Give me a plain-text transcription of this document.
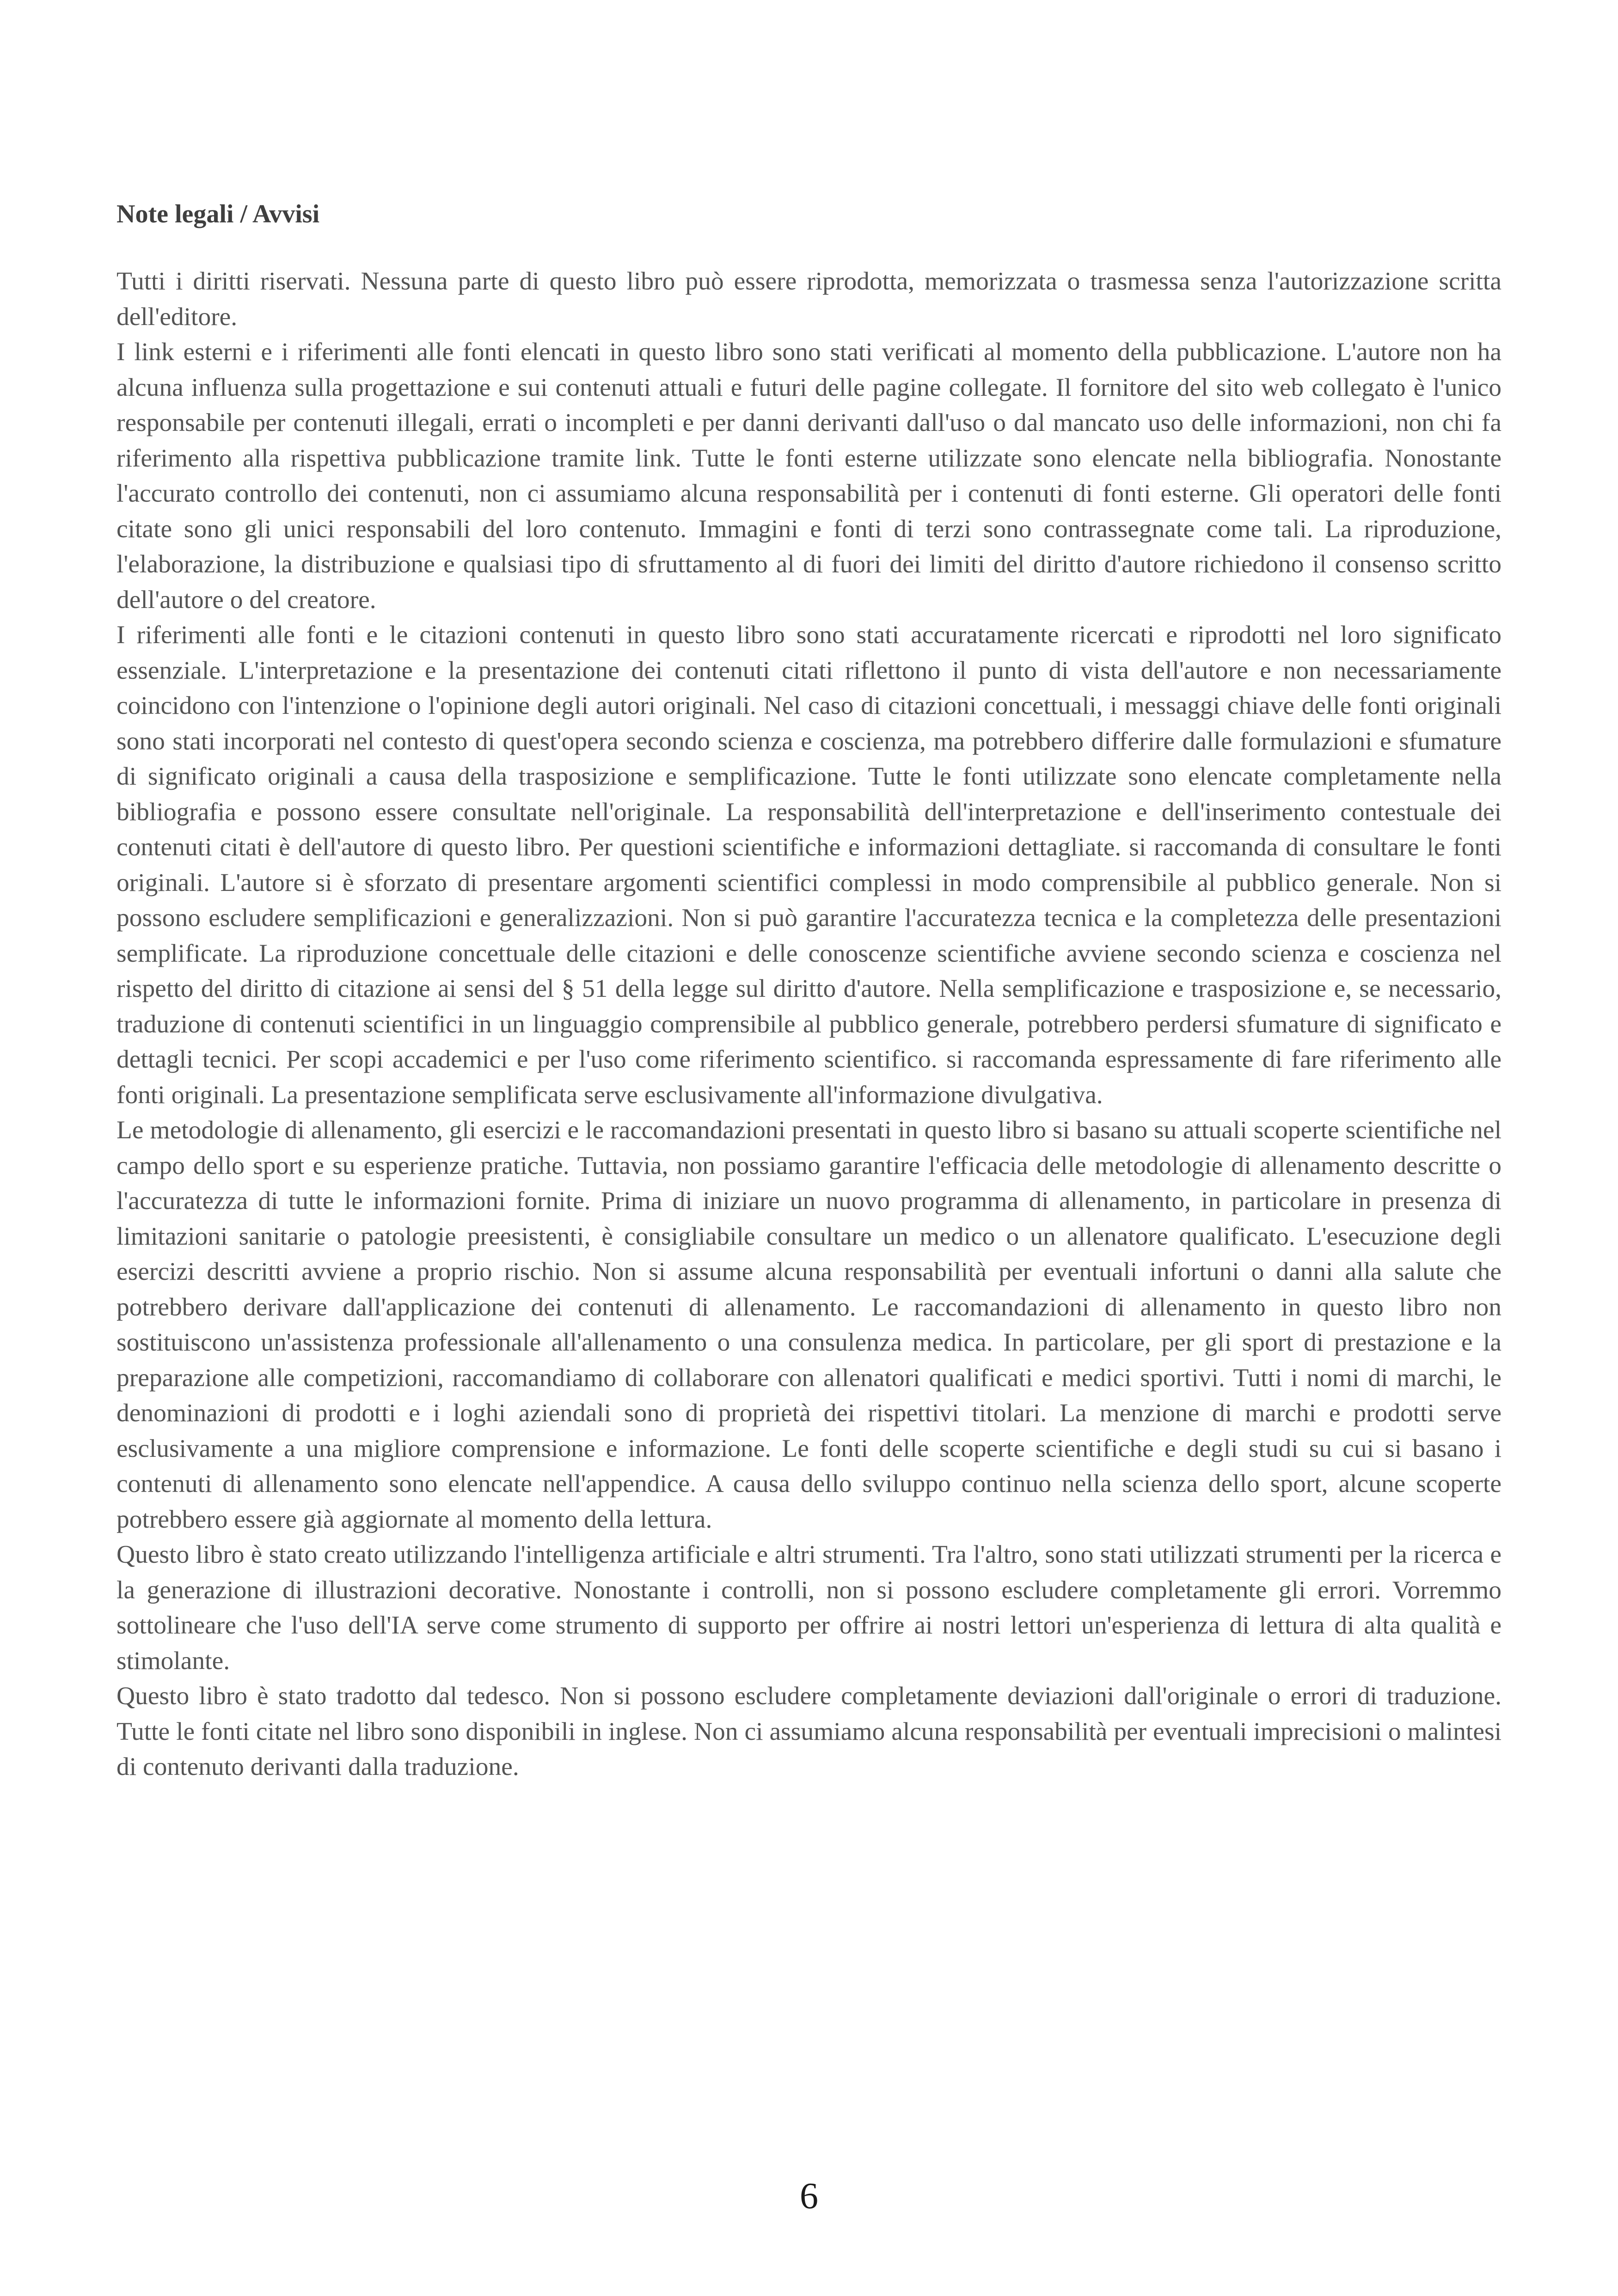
Note legali / Avvisi

Tutti i diritti riservati. Nessuna parte di questo libro può essere riprodotta, memorizzata o trasmessa senza l'autorizzazione scritta dell'editore.

I link esterni e i riferimenti alle fonti elencati in questo libro sono stati verificati al momento della pubblicazione. L'autore non ha alcuna influenza sulla progettazione e sui contenuti attuali e futuri delle pagine collegate. Il fornitore del sito web collegato è l'unico responsabile per contenuti illegali, errati o incompleti e per danni derivanti dall'uso o dal mancato uso delle informazioni, non chi fa riferimento alla rispettiva pubblicazione tramite link. Tutte le fonti esterne utilizzate sono elencate nella bibliografia. Nonostante l'accurato controllo dei contenuti, non ci assumiamo alcuna responsabilità per i contenuti di fonti esterne. Gli operatori delle fonti citate sono gli unici responsabili del loro contenuto. Immagini e fonti di terzi sono contrassegnate come tali. La riproduzione, l'elaborazione, la distribuzione e qualsiasi tipo di sfruttamento al di fuori dei limiti del diritto d'autore richiedono il consenso scritto dell'autore o del creatore.

I riferimenti alle fonti e le citazioni contenuti in questo libro sono stati accuratamente ricercati e riprodotti nel loro significato essenziale. L'interpretazione e la presentazione dei contenuti citati riflettono il punto di vista dell'autore e non necessariamente coincidono con l'intenzione o l'opinione degli autori originali. Nel caso di citazioni concettuali, i messaggi chiave delle fonti originali sono stati incorporati nel contesto di quest'opera secondo scienza e coscienza, ma potrebbero differire dalle formulazioni e sfumature di significato originali a causa della trasposizione e semplificazione. Tutte le fonti utilizzate sono elencate completamente nella bibliografia e possono essere consultate nell'originale. La responsabilità dell'interpretazione e dell'inserimento contestuale dei contenuti citati è dell'autore di questo libro. Per questioni scientifiche e informazioni dettagliate. si raccomanda di consultare le fonti originali. L'autore si è sforzato di presentare argomenti scientifici complessi in modo comprensibile al pubblico generale. Non si possono escludere semplificazioni e generalizzazioni. Non si può garantire l'accuratezza tecnica e la completezza delle presentazioni semplificate. La riproduzione concettuale delle citazioni e delle conoscenze scientifiche avviene secondo scienza e coscienza nel rispetto del diritto di citazione ai sensi del § 51 della legge sul diritto d'autore. Nella semplificazione e trasposizione e, se necessario, traduzione di contenuti scientifici in un linguaggio comprensibile al pubblico generale, potrebbero perdersi sfumature di significato e dettagli tecnici. Per scopi accademici e per l'uso come riferimento scientifico. si raccomanda espressamente di fare riferimento alle fonti originali. La presentazione semplificata serve esclusivamente all'informazione divulgativa.

Le metodologie di allenamento, gli esercizi e le raccomandazioni presentati in questo libro si basano su attuali scoperte scientifiche nel campo dello sport e su esperienze pratiche. Tuttavia, non possiamo garantire l'efficacia delle metodologie di allenamento descritte o l'accuratezza di tutte le informazioni fornite. Prima di iniziare un nuovo programma di allenamento, in particolare in presenza di limitazioni sanitarie o patologie preesistenti, è consigliabile consultare un medico o un allenatore qualificato. L'esecuzione degli esercizi descritti avviene a proprio rischio. Non si assume alcuna responsabilità per eventuali infortuni o danni alla salute che potrebbero derivare dall'applicazione dei contenuti di allenamento. Le raccomandazioni di allenamento in questo libro non sostituiscono un'assistenza professionale all'allenamento o una consulenza medica. In particolare, per gli sport di prestazione e la preparazione alle competizioni, raccomandiamo di collaborare con allenatori qualificati e medici sportivi. Tutti i nomi di marchi, le denominazioni di prodotti e i loghi aziendali sono di proprietà dei rispettivi titolari. La menzione di marchi e prodotti serve esclusivamente a una migliore comprensione e informazione. Le fonti delle scoperte scientifiche e degli studi su cui si basano i contenuti di allenamento sono elencate nell'appendice. A causa dello sviluppo continuo nella scienza dello sport, alcune scoperte potrebbero essere già aggiornate al momento della lettura.

Questo libro è stato creato utilizzando l'intelligenza artificiale e altri strumenti. Tra l'altro, sono stati utilizzati strumenti per la ricerca e la generazione di illustrazioni decorative. Nonostante i controlli, non si possono escludere completamente gli errori. Vorremmo sottolineare che l'uso dell'IA serve come strumento di supporto per offrire ai nostri lettori un'esperienza di lettura di alta qualità e stimolante.

Questo libro è stato tradotto dal tedesco. Non si possono escludere completamente deviazioni dall'originale o errori di traduzione. Tutte le fonti citate nel libro sono disponibili in inglese. Non ci assumiamo alcuna responsabilità per eventuali imprecisioni o malintesi di contenuto derivanti dalla traduzione.

6
